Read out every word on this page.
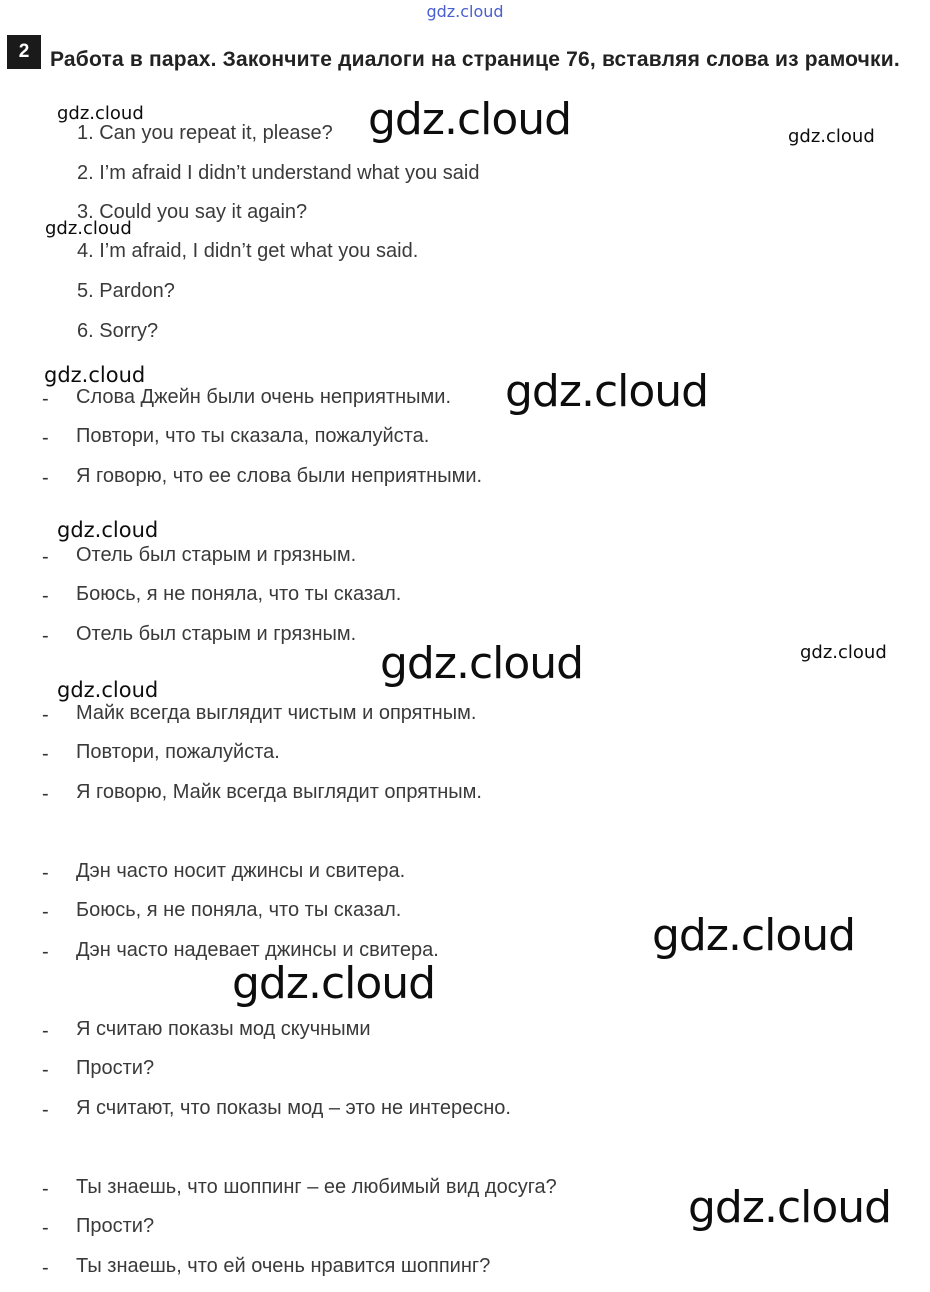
gdz.cloud
2 Работа в парах. Закончите диалоги на странице 76, вставляя слова из рамочки.
1. Can you repeat it, please?
2. I’m afraid I didn’t understand what you said
3. Could you say it again?
4. I’m afraid, I didn’t get what you said.
5. Pardon?
6. Sorry?
- Слова Джейн были очень неприятными.
- Повтори, что ты сказала, пожалуйста.
- Я говорю, что ее слова были неприятными.
- Отель был старым и грязным.
- Боюсь, я не поняла, что ты сказал.
- Отель был старым и грязным.
- Майк всегда выглядит чистым и опрятным.
- Повтори, пожалуйста.
- Я говорю, Майк всегда выглядит опрятным.
- Дэн часто носит джинсы и свитера.
- Боюсь, я не поняла, что ты сказал.
- Дэн часто надевает джинсы и свитера.
- Я считаю показы мод скучными
- Прости?
- Я считают, что показы мод – это не интересно.
- Ты знаешь, что шоппинг – ее любимый вид досуга?
- Прости?
- Ты знаешь, что ей очень нравится шоппинг?
gdz.cloud	gdz.cloud	gdz.cloud
gdz.cloud
gdz.cloud	gdz.cloud
gdz.cloud
gdz.cloud	gdz.cloud
gdz.cloud
gdz.cloud
gdz.cloud
gdz.cloud
